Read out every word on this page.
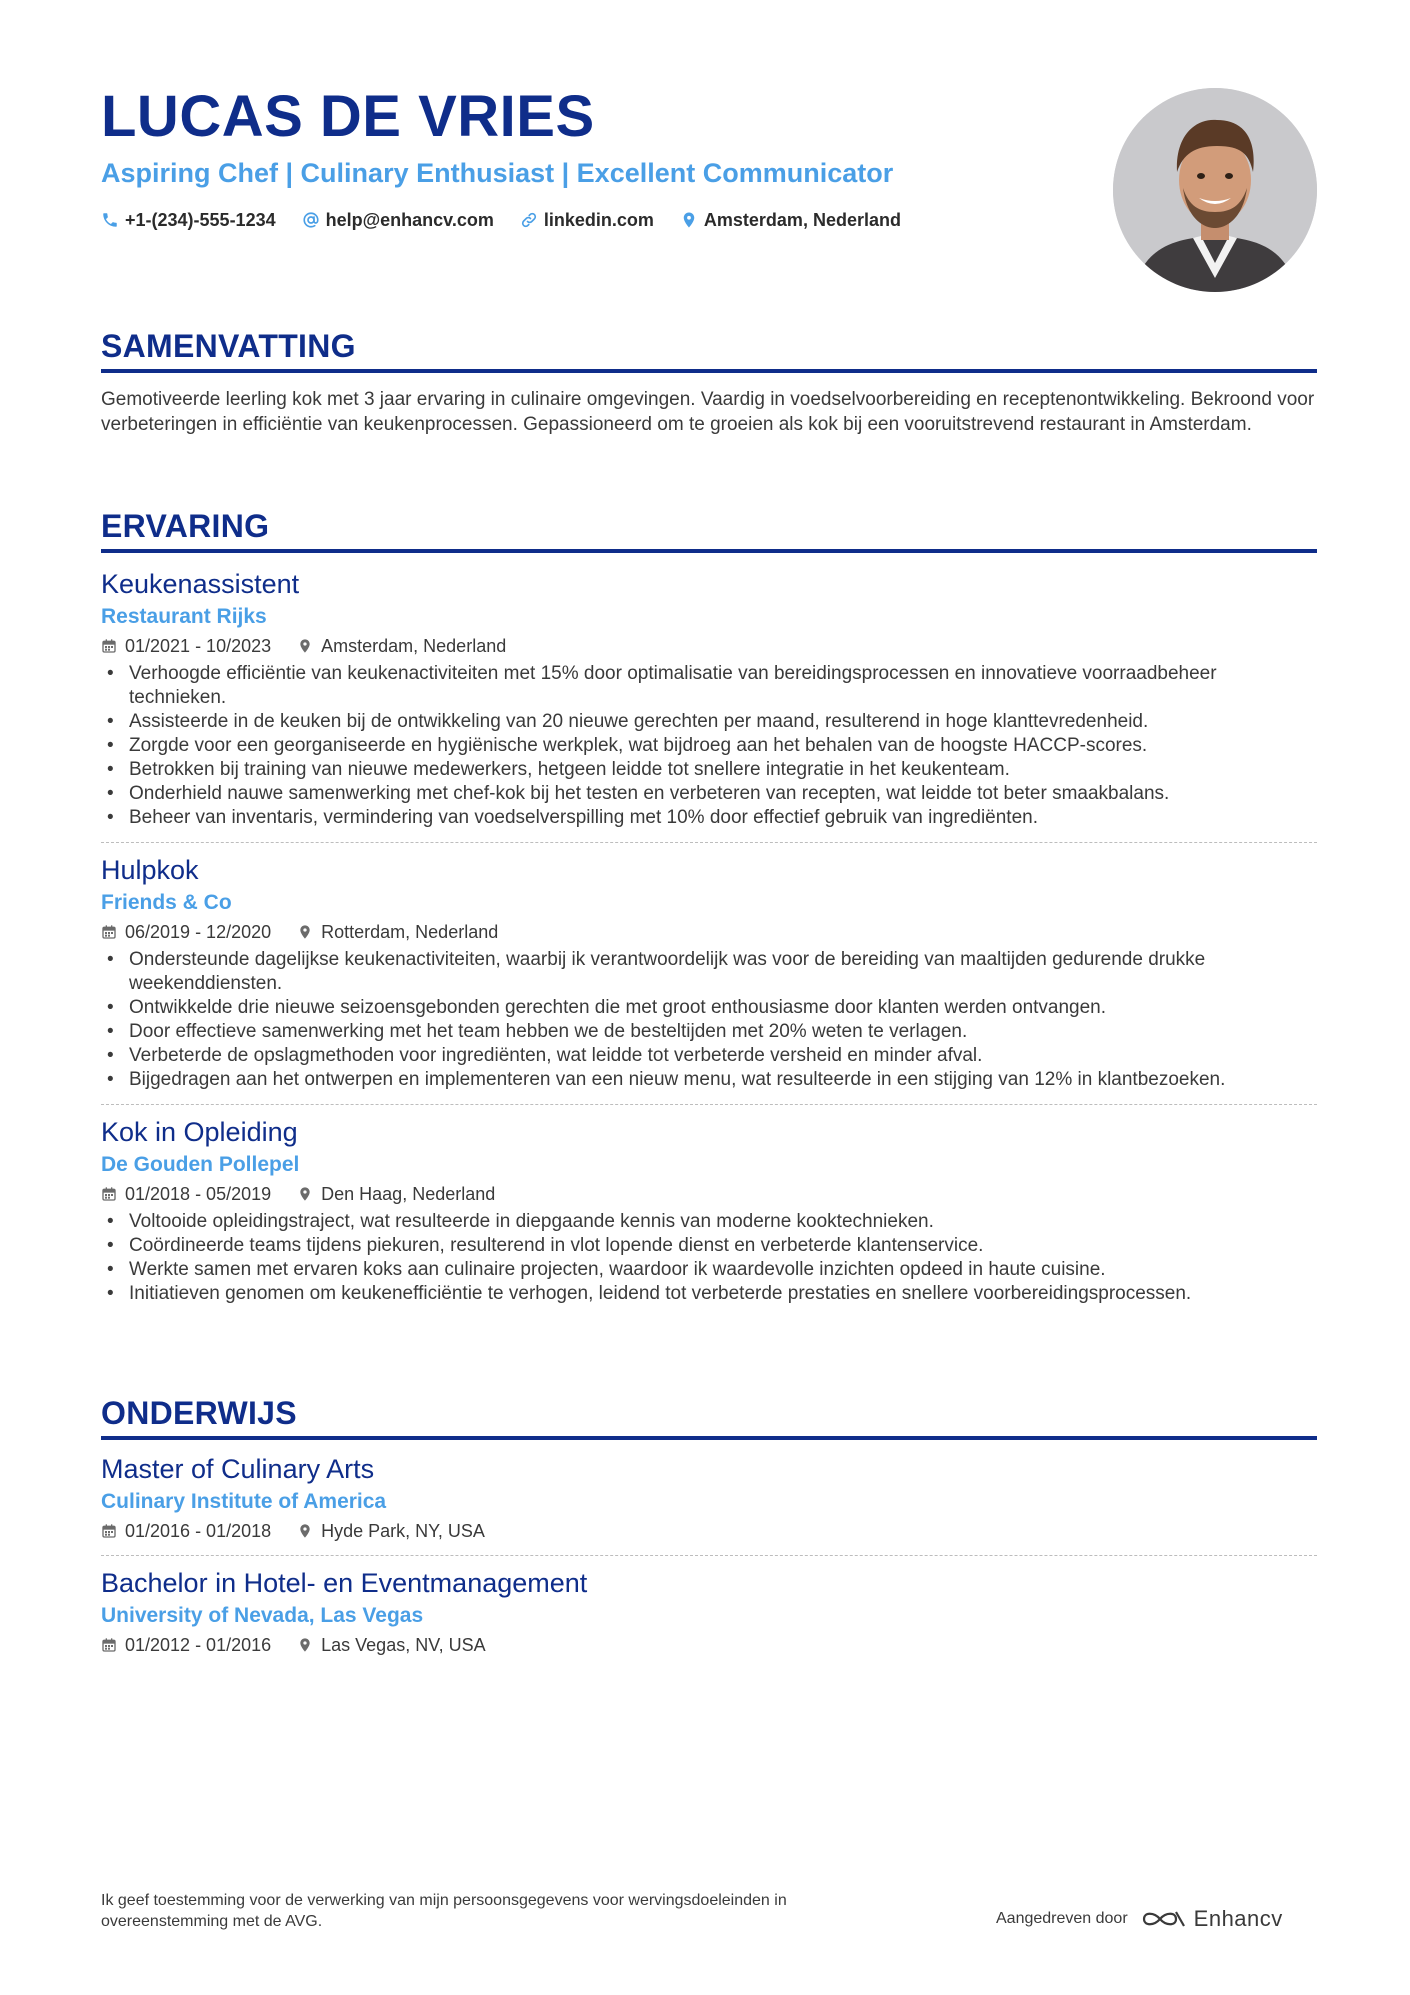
LUCAS DE VRIES
Aspiring Chef | Culinary Enthusiast | Excellent Communicator
+1-(234)-555-1234	help@enhancv.com	linkedin.com	Amsterdam, Nederland
SAMENVATTING
Gemotiveerde leerling kok met 3 jaar ervaring in culinaire omgevingen. Vaardig in voedselvoorbereiding en receptenontwikkeling. Bekroond voor verbeteringen in efficiëntie van keukenprocessen. Gepassioneerd om te groeien als kok bij een vooruitstrevend restaurant in Amsterdam.
ERVARING
Keukenassistent
Restaurant Rijks
01/2021 - 10/2023	Amsterdam, Nederland
• Verhoogde efficiëntie van keukenactiviteiten met 15% door optimalisatie van bereidingsprocessen en innovatieve voorraadbeheer technieken.
• Assisteerde in de keuken bij de ontwikkeling van 20 nieuwe gerechten per maand, resulterend in hoge klanttevredenheid.
• Zorgde voor een georganiseerde en hygiënische werkplek, wat bijdroeg aan het behalen van de hoogste HACCP-scores.
• Betrokken bij training van nieuwe medewerkers, hetgeen leidde tot snellere integratie in het keukenteam.
• Onderhield nauwe samenwerking met chef-kok bij het testen en verbeteren van recepten, wat leidde tot beter smaakbalans.
• Beheer van inventaris, vermindering van voedselverspilling met 10% door effectief gebruik van ingrediënten.
Hulpkok
Friends & Co
06/2019 - 12/2020	Rotterdam, Nederland
• Ondersteunde dagelijkse keukenactiviteiten, waarbij ik verantwoordelijk was voor de bereiding van maaltijden gedurende drukke weekenddiensten.
• Ontwikkelde drie nieuwe seizoensgebonden gerechten die met groot enthousiasme door klanten werden ontvangen.
• Door effectieve samenwerking met het team hebben we de besteltijden met 20% weten te verlagen.
• Verbeterde de opslagmethoden voor ingrediënten, wat leidde tot verbeterde versheid en minder afval.
• Bijgedragen aan het ontwerpen en implementeren van een nieuw menu, wat resulteerde in een stijging van 12% in klantbezoeken.
Kok in Opleiding
De Gouden Pollepel
01/2018 - 05/2019	Den Haag, Nederland
• Voltooide opleidingstraject, wat resulteerde in diepgaande kennis van moderne kooktechnieken.
• Coördineerde teams tijdens piekuren, resulterend in vlot lopende dienst en verbeterde klantenservice.
• Werkte samen met ervaren koks aan culinaire projecten, waardoor ik waardevolle inzichten opdeed in haute cuisine.
• Initiatieven genomen om keukenefficiëntie te verhogen, leidend tot verbeterde prestaties en snellere voorbereidingsprocessen.
ONDERWIJS
Master of Culinary Arts
Culinary Institute of America
01/2016 - 01/2018	Hyde Park, NY, USA
Bachelor in Hotel- en Eventmanagement
University of Nevada, Las Vegas
01/2012 - 01/2016	Las Vegas, NV, USA
Ik geef toestemming voor de verwerking van mijn persoonsgegevens voor wervingsdoeleinden in overeenstemming met de AVG.	Aangedreven door	Enhancv
